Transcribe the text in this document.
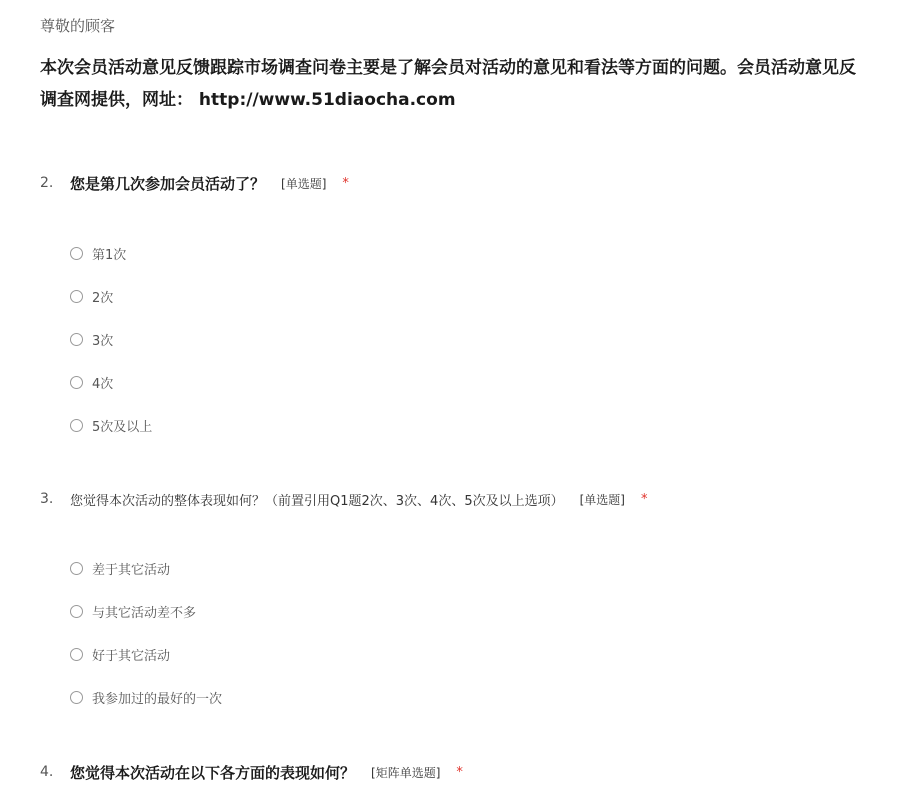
尊敬的顾客
本次会员活动意见反馈跟踪市场调查问卷主要是了解会员对活动的意见和看法等方面的问题。会员活动意见反
调查网提供，网址： http://www.51diaocha.com
2.	您是第几次参加会员活动了？ [单选题] *
第1次
2次
3次
4次
5次及以上
3.	您觉得本次活动的整体表现如何？（前置引用Q1题2次、3次、4次、5次及以上选项） [单选题] *
差于其它活动
与其它活动差不多
好于其它活动
我参加过的最好的一次
4.	您觉得本次活动在以下各方面的表现如何？ [矩阵单选题] *
